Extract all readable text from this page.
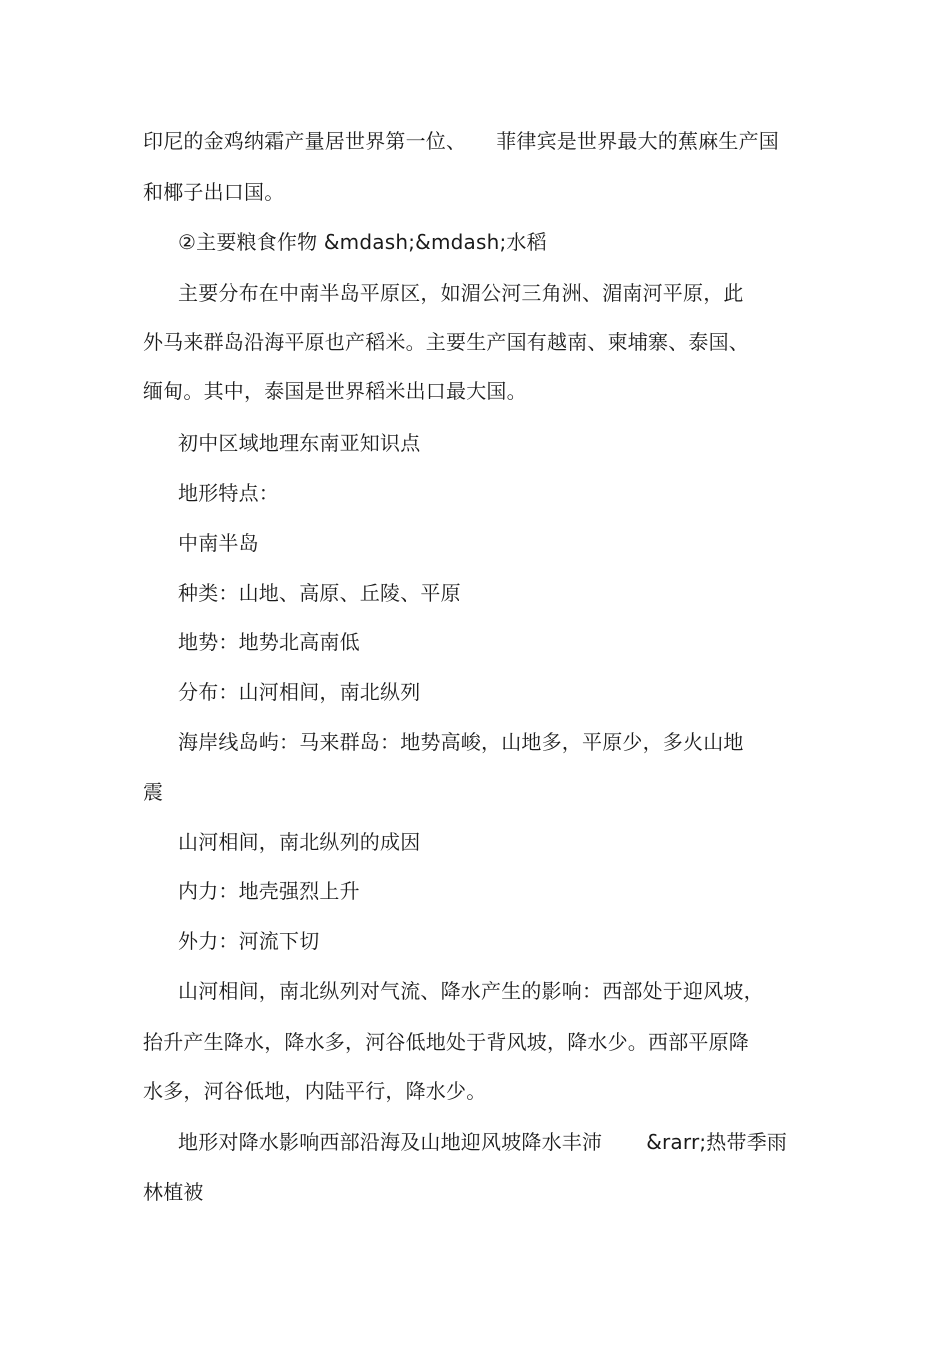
印尼的金鸡纳霜产量居世界第一位、 菲律宾是世界最大的蕉麻生产国
和椰子出口国。
②主要粮食作物 &mdash;&mdash;水稻
主要分布在中南半岛平原区，如湄公河三角洲、湄南河平原，此
外马来群岛沿海平原也产稻米。主要生产国有越南、柬埔寨、泰国、
缅甸。其中，泰国是世界稻米出口最大国。
初中区域地理东南亚知识点
地形特点：
中南半岛
种类：山地、高原、丘陵、平原
地势：地势北高南低
分布：山河相间，南北纵列
海岸线岛屿：马来群岛：地势高峻，山地多，平原少，多火山地
震
山河相间，南北纵列的成因
内力：地壳强烈上升
外力：河流下切
山河相间，南北纵列对气流、降水产生的影响：西部处于迎风坡，
抬升产生降水，降水多，河谷低地处于背风坡，降水少。西部平原降
水多，河谷低地，内陆平行，降水少。
地形对降水影响西部沿海及山地迎风坡降水丰沛 &rarr;热带季雨
林植被
